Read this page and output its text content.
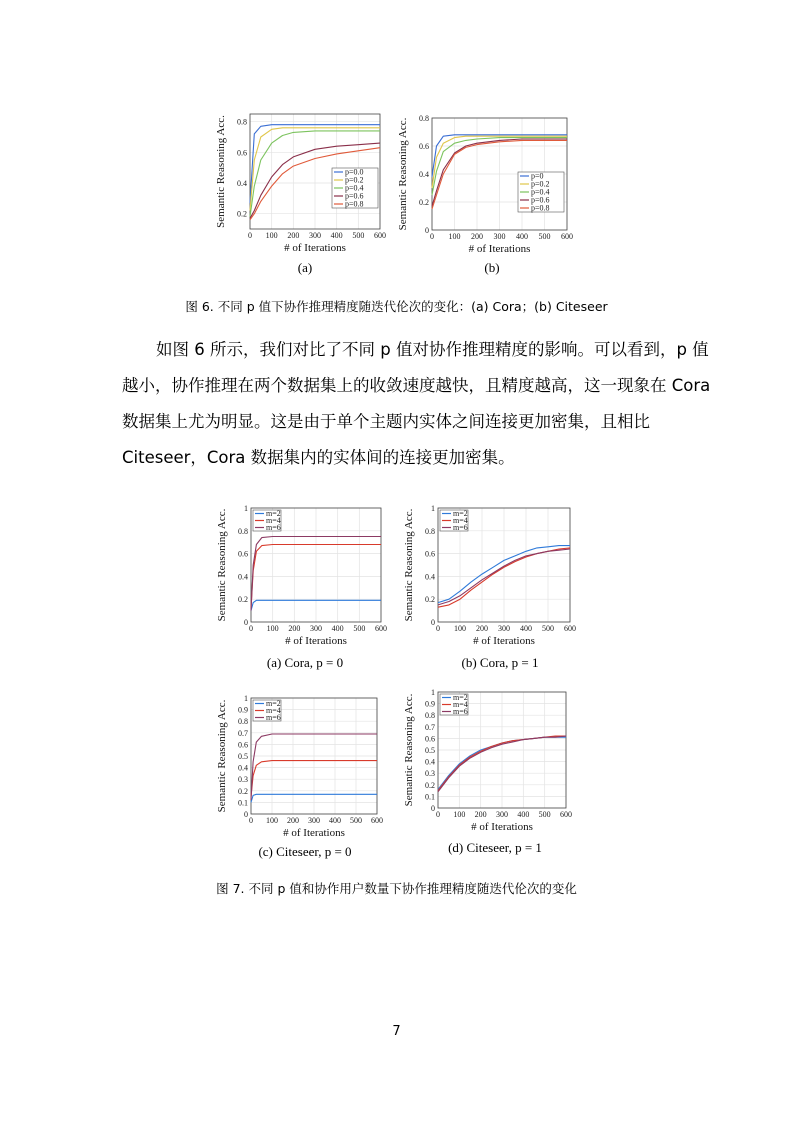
0 100 200 300 400 500 600
0.2
0.4
0.6
0.8
p=0.0
p=0.2
p=0.4
p=0.6
p=0.8
# of Iterations
Semantic Reasoning Acc.
0 100 200 300 400 500 600
0
0.2
0.4
0.6
0.8
p=0
p=0.2
p=0.4
p=0.6
p=0.8
# of Iterations
Semantic Reasoning Acc.
(a)	(b)
图 6. 不同 p 值下协作推理精度随迭代伦次的变化：(a) Cora；(b) Citeseer
如图 6 所示，我们对比了不同 p 值对协作推理精度的影响。可以看到，p 值
越小，协作推理在两个数据集上的收敛速度越快，且精度越高，这一现象在 Cora
数据集上尤为明显。这是由于单个主题内实体之间连接更加密集，且相比
Citeseer，Cora 数据集内的实体间的连接更加密集。
0 100 200 300 400 500 600
0
0.2
0.4
0.6
0.8
1
m=2
m=4
m=6
# of Iterations
Semantic Reasoning Acc.
0 100 200 300 400 500 600
0
0.2
0.4
0.6
0.8
1
m=2
m=4
m=6
# of Iterations
Semantic Reasoning Acc.
(a) Cora, p = 0	(b) Cora, p = 1
0 100 200 300 400 500 600
0
0.1
0.2
0.3
0.4
0.5
0.6
0.7
0.8
0.9
1
m=2
m=4
m=6
# of Iterations
Semantic Reasoning Acc.
0 100 200 300 400 500 600
0
0.1
0.2
0.3
0.4
0.5
0.6
0.7
0.8
0.9
1
m=2
m=4
m=6
# of Iterations
Semantic Reasoning Acc.
(c) Citeseer, p = 0	(d) Citeseer, p = 1
图 7. 不同 p 值和协作用户数量下协作推理精度随迭代伦次的变化
7
